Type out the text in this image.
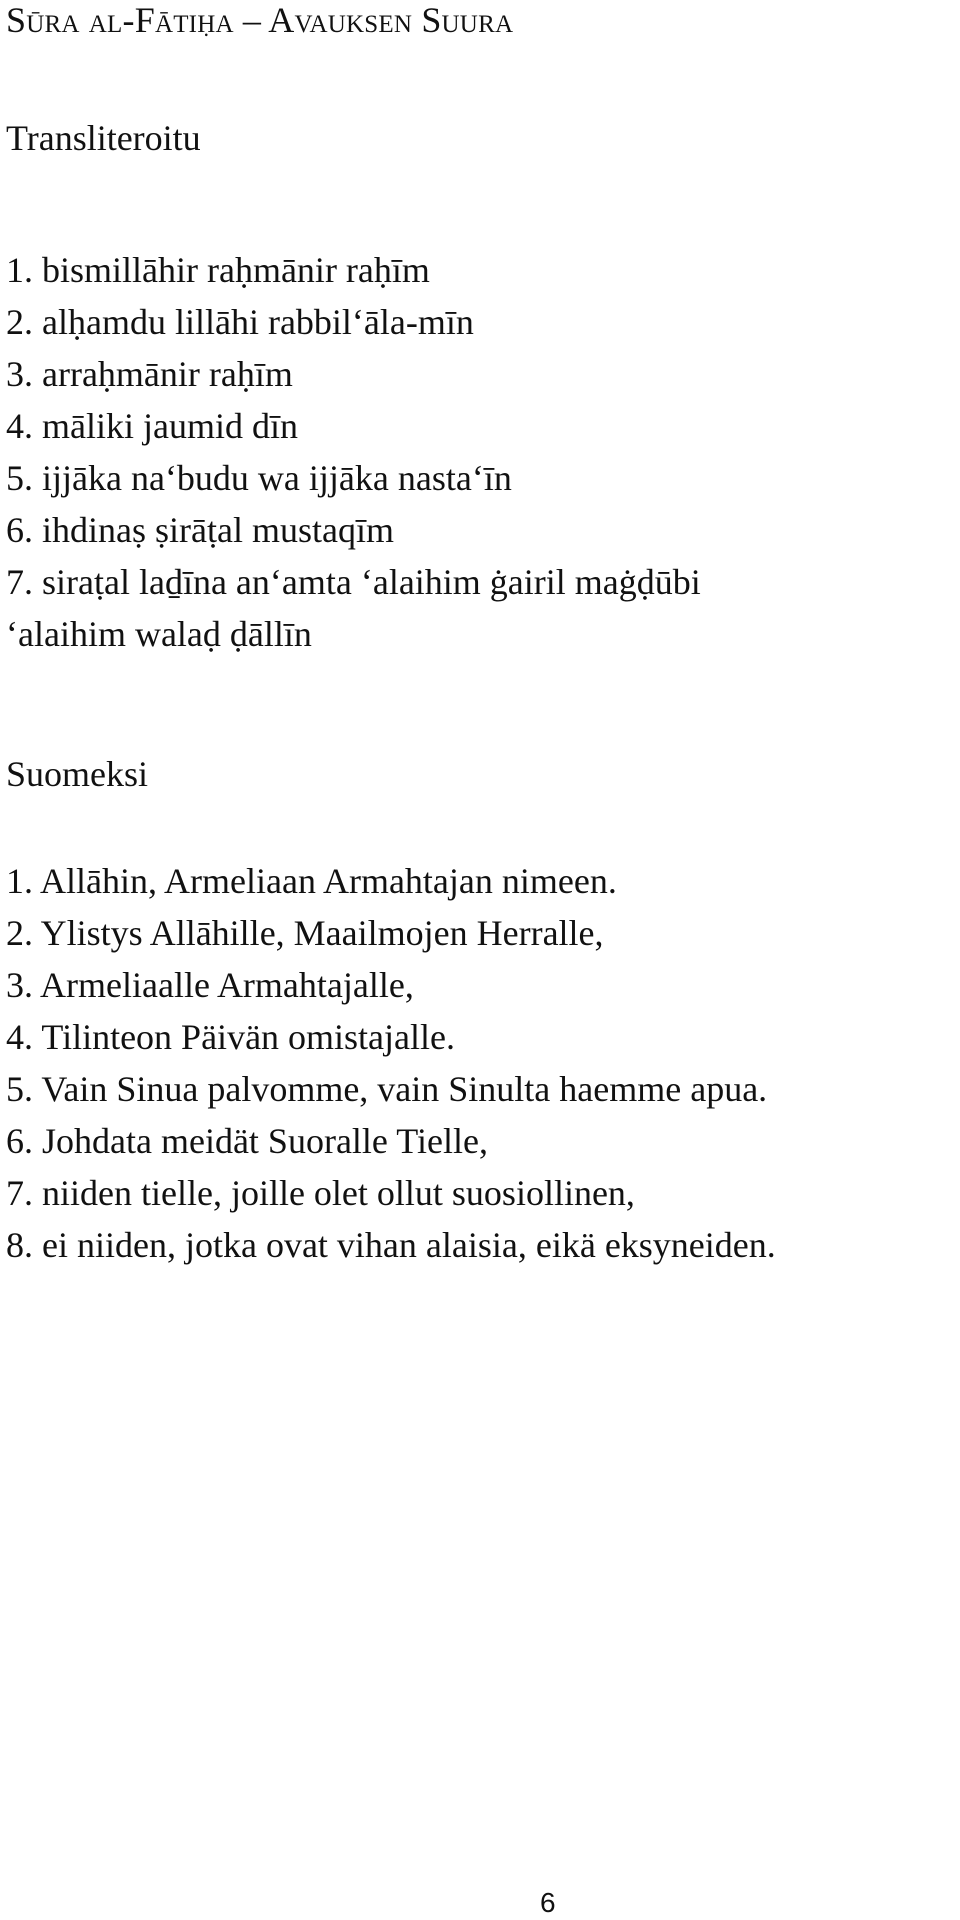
Sūra al-Fātiḥa – Avauksen Suura
Transliteroitu
1. bismillāhir raḥmānir raḥīm
2. alḥamdu lillāhi rabbil‘āla-mīn
3. arraḥmānir raḥīm
4. māliki jaumid dīn
5. ijjāka na‘budu wa ijjāka nasta‘īn
6. ihdinaṣ ṣirāṭal mustaqīm
7. siraṭal laḏīna an‘amta ‘alaihim ġairil maġḍūbi
‘alaihim walaḍ ḍāllīn
Suomeksi
1. Allāhin, Armeliaan Armahtajan nimeen.
2. Ylistys Allāhille, Maailmojen Herralle,
3. Armeliaalle Armahtajalle,
4. Tilinteon Päivän omistajalle.
5. Vain Sinua palvomme, vain Sinulta haemme apua.
6. Johdata meidät Suoralle Tielle,
7. niiden tielle, joille olet ollut suosiollinen,
8. ei niiden, jotka ovat vihan alaisia, eikä eksyneiden.
6
